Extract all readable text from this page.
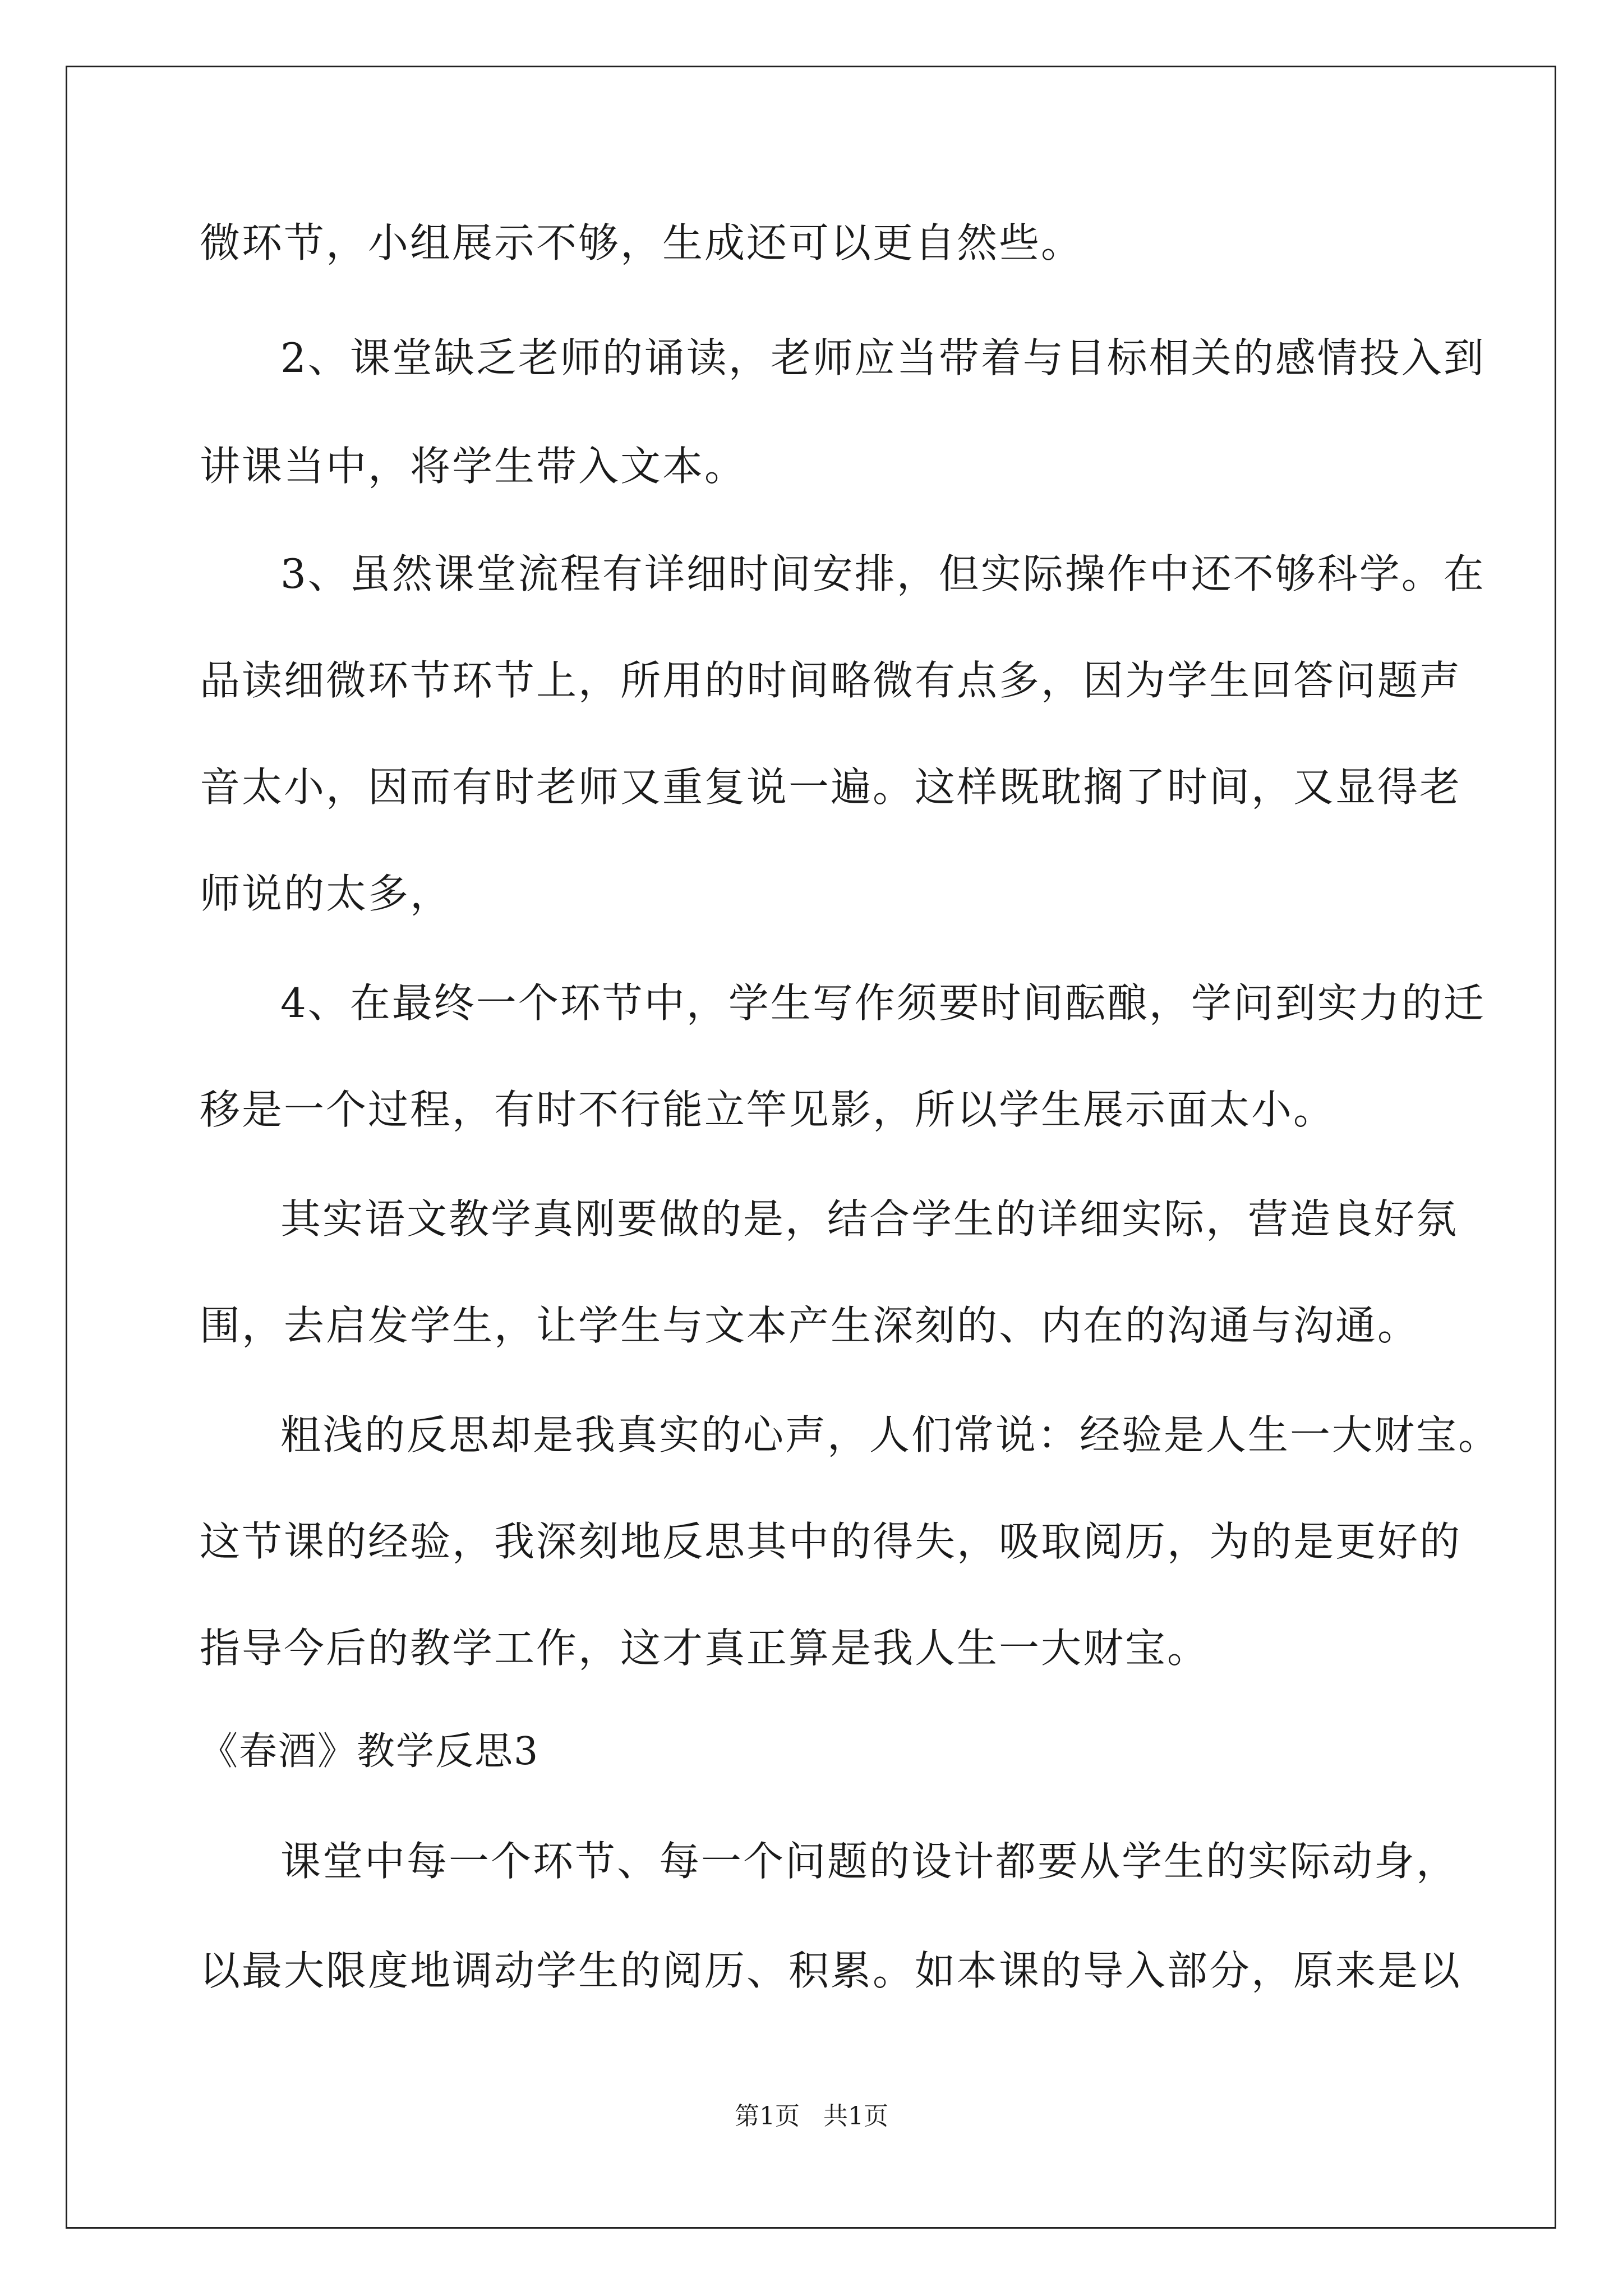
微环节，小组展示不够，生成还可以更自然些。
2、课堂缺乏老师的诵读，老师应当带着与目标相关的感情投入到
讲课当中，将学生带入文本。
3、虽然课堂流程有详细时间安排，但实际操作中还不够科学。在
品读细微环节环节上，所用的时间略微有点多，因为学生回答问题声
音太小，因而有时老师又重复说一遍。这样既耽搁了时间，又显得老
师说的太多，
4、在最终一个环节中，学生写作须要时间酝酿，学问到实力的迁
移是一个过程，有时不行能立竿见影，所以学生展示面太小。
其实语文教学真刚要做的是，结合学生的详细实际，营造良好氛
围，去启发学生，让学生与文本产生深刻的、内在的沟通与沟通。
粗浅的反思却是我真实的心声，人们常说：经验是人生一大财宝。
这节课的经验，我深刻地反思其中的得失，吸取阅历，为的是更好的
指导今后的教学工作，这才真正算是我人生一大财宝。
《春酒》教学反思3
课堂中每一个环节、每一个问题的设计都要从学生的实际动身，
以最大限度地调动学生的阅历、积累。如本课的导入部分，原来是以
第1页   共1页
